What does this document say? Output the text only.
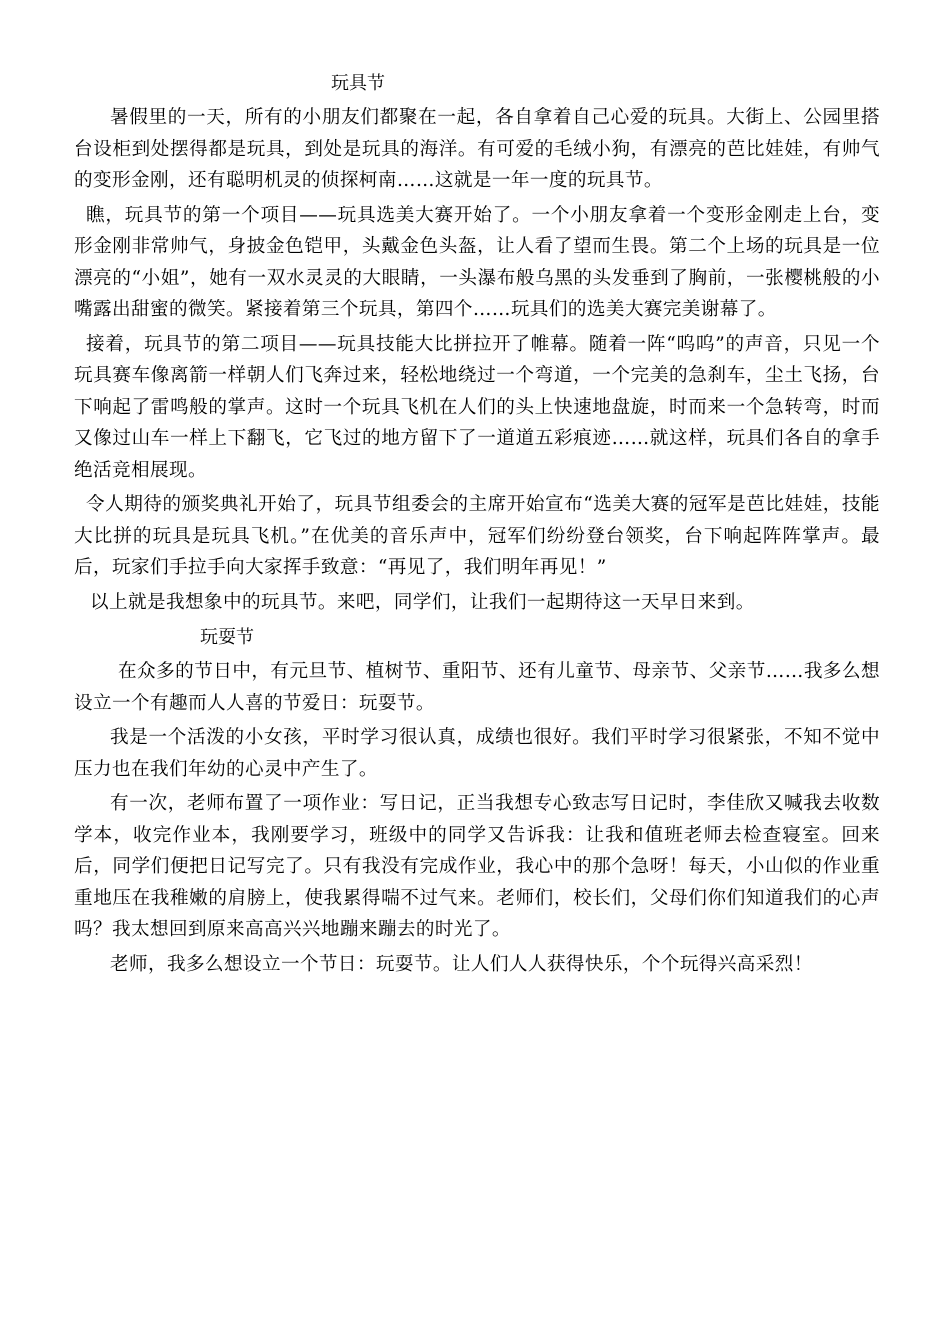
玩具节

暑假里的一天，所有的小朋友们都聚在一起，各自拿着自己心爱的玩具。大街上、公园里搭台设柜到处摆得都是玩具，到处是玩具的海洋。有可爱的毛绒小狗，有漂亮的芭比娃娃，有帅气的变形金刚，还有聪明机灵的侦探柯南……这就是一年一度的玩具节。

瞧，玩具节的第一个项目——玩具选美大赛开始了。一个小朋友拿着一个变形金刚走上台，变形金刚非常帅气，身披金色铠甲，头戴金色头盔，让人看了望而生畏。第二个上场的玩具是一位漂亮的“小姐”，她有一双水灵灵的大眼睛，一头瀑布般乌黑的头发垂到了胸前，一张樱桃般的小嘴露出甜蜜的微笑。紧接着第三个玩具，第四个……玩具们的选美大赛完美谢幕了。

接着，玩具节的第二项目——玩具技能大比拼拉开了帷幕。随着一阵“呜呜”的声音，只见一个玩具赛车像离箭一样朝人们飞奔过来，轻松地绕过一个弯道，一个完美的急刹车，尘土飞扬，台下响起了雷鸣般的掌声。这时一个玩具飞机在人们的头上快速地盘旋，时而来一个急转弯，时而又像过山车一样上下翻飞，它飞过的地方留下了一道道五彩痕迹……就这样，玩具们各自的拿手绝活竞相展现。

令人期待的颁奖典礼开始了，玩具节组委会的主席开始宣布“选美大赛的冠军是芭比娃娃，技能大比拼的玩具是玩具飞机。”在优美的音乐声中，冠军们纷纷登台领奖，台下响起阵阵掌声。最后，玩家们手拉手向大家挥手致意：“再见了，我们明年再见！”

以上就是我想象中的玩具节。来吧，同学们，让我们一起期待这一天早日来到。

玩耍节

在众多的节日中，有元旦节、植树节、重阳节、还有儿童节、母亲节、父亲节……我多么想设立一个有趣而人人喜的节爱日：玩耍节。

我是一个活泼的小女孩，平时学习很认真，成绩也很好。我们平时学习很紧张，不知不觉中压力也在我们年幼的心灵中产生了。

有一次，老师布置了一项作业：写日记，正当我想专心致志写日记时，李佳欣又喊我去收数学本，收完作业本，我刚要学习，班级中的同学又告诉我：让我和值班老师去检查寝室。回来后，同学们便把日记写完了。只有我没有完成作业，我心中的那个急呀！每天，小山似的作业重重地压在我稚嫩的肩膀上，使我累得喘不过气来。老师们，校长们，父母们你们知道我们的心声吗？我太想回到原来高高兴兴地蹦来蹦去的时光了。

老师，我多么想设立一个节日：玩耍节。让人们人人获得快乐，个个玩得兴高采烈！
